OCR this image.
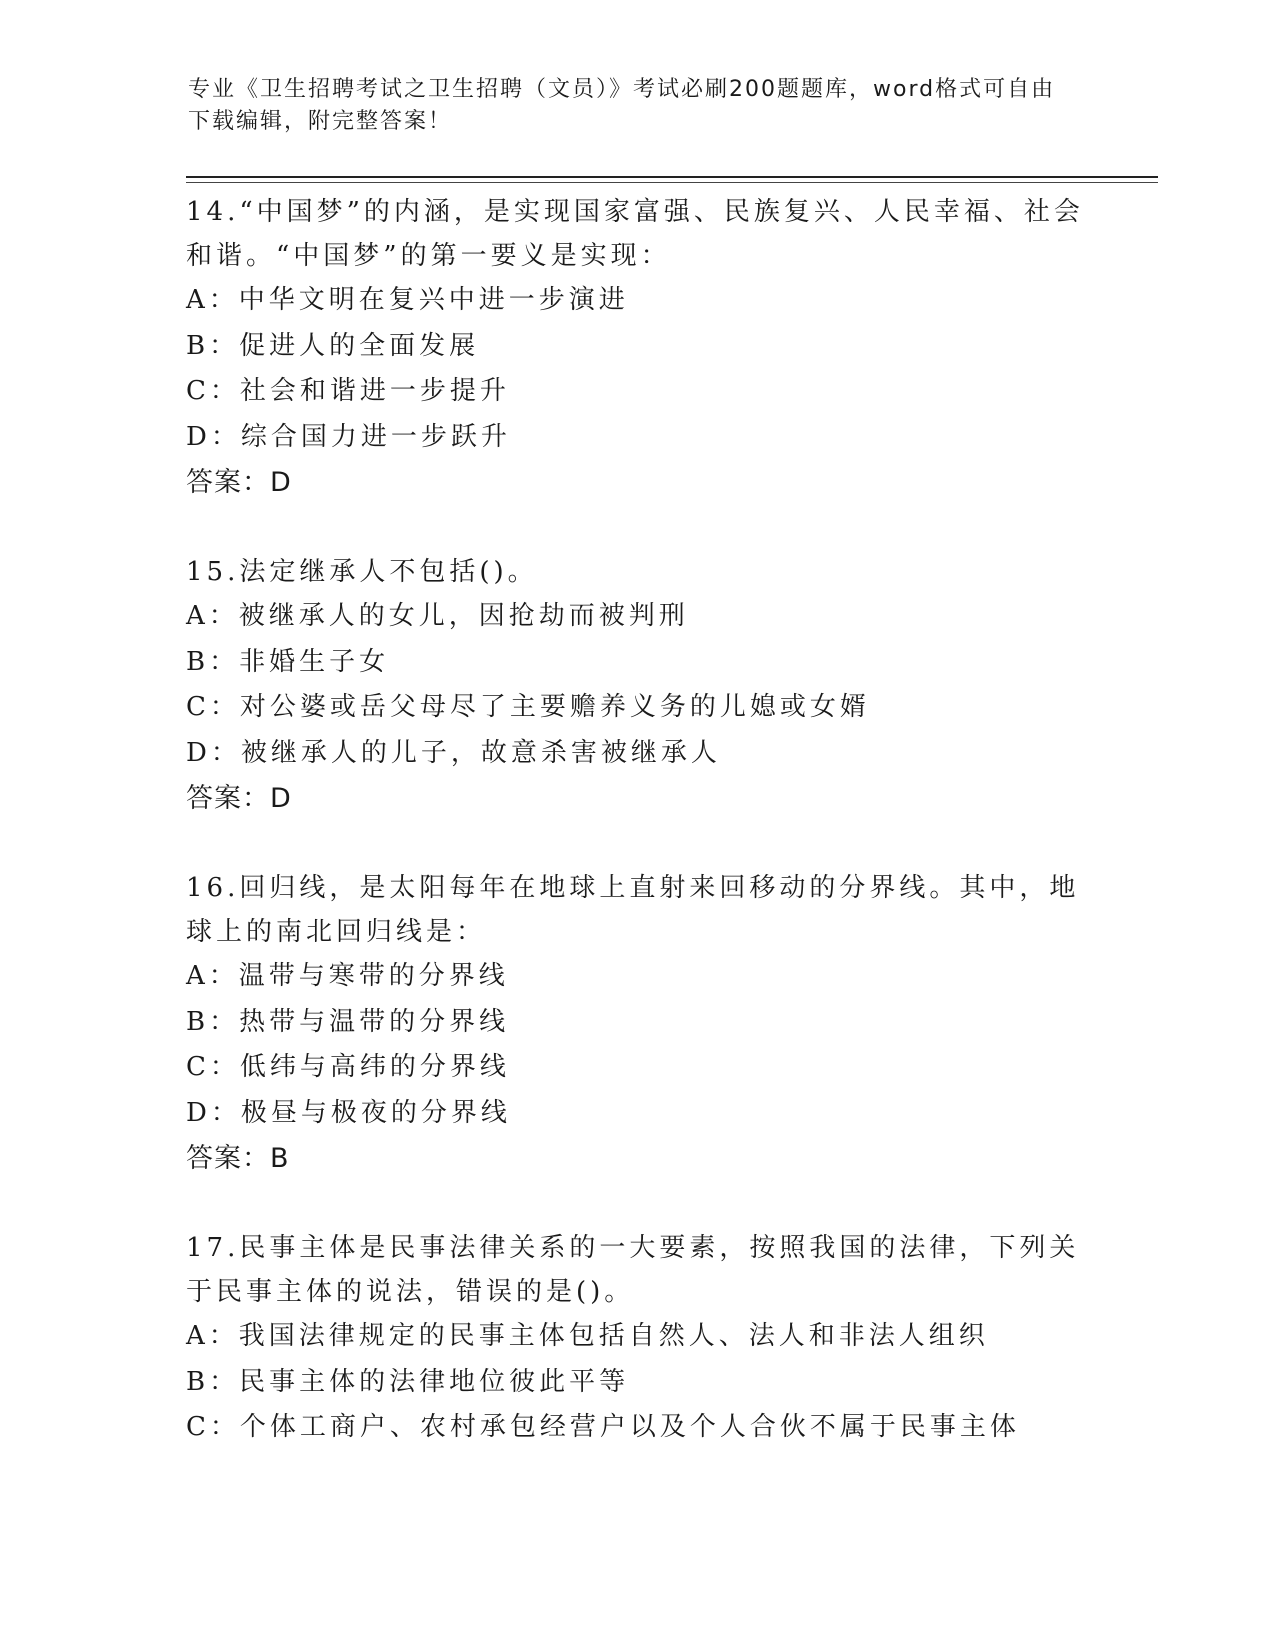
专业《卫生招聘考试之卫生招聘（文员）》考试必刷200题题库，word格式可自由下载编辑，附完整答案！

14.“中国梦”的内涵，是实现国家富强、民族复兴、人民幸福、社会和谐。“中国梦”的第一要义是实现：

A：中华文明在复兴中进一步演进

B：促进人的全面发展

C：社会和谐进一步提升

D：综合国力进一步跃升

答案：D

15.法定继承人不包括()。

A：被继承人的女儿，因抢劫而被判刑

B：非婚生子女

C：对公婆或岳父母尽了主要赡养义务的儿媳或女婿

D：被继承人的儿子，故意杀害被继承人

答案：D

16.回归线，是太阳每年在地球上直射来回移动的分界线。其中，地球上的南北回归线是：

A：温带与寒带的分界线

B：热带与温带的分界线

C：低纬与高纬的分界线

D：极昼与极夜的分界线

答案：B

17.民事主体是民事法律关系的一大要素，按照我国的法律，下列关于民事主体的说法，错误的是()。

A：我国法律规定的民事主体包括自然人、法人和非法人组织

B：民事主体的法律地位彼此平等

C：个体工商户、农村承包经营户以及个人合伙不属于民事主体
